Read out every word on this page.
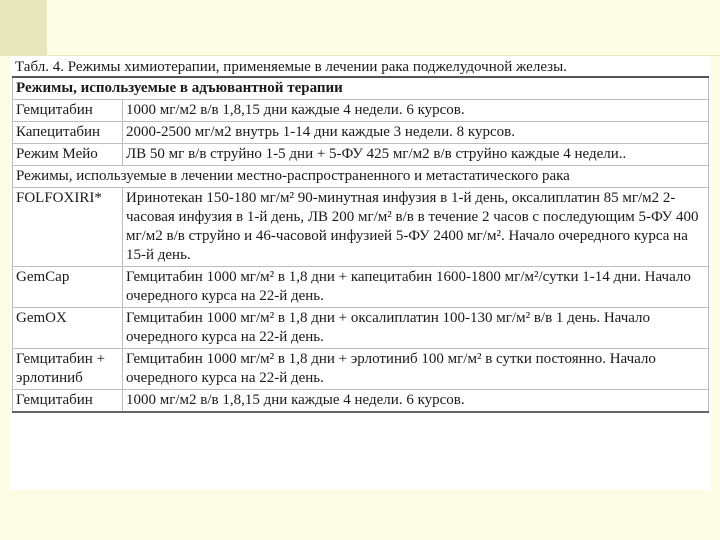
Табл. 4. Режимы химиотерапии, применяемые в лечении рака поджелудочной железы.
Режимы, используемые в адъювантной терапии	
Гемцитабин	1000 мг/м2 в/в 1,8,15 дни каждые 4 недели. 6 курсов.
Капецитабин	2000-2500 мг/м2 внутрь 1-14 дни каждые 3 недели. 8 курсов.
Режим Мейо	ЛВ 50 мг в/в струйно 1-5 дни + 5-ФУ 425 мг/м2 в/в струйно каждые 4 недели..
Режимы, используемые в лечении местно-распространенного и метастатического рака	
FOLFOXIRI*	Иринотекан 150-180 мг/м² 90-минутная инфузия в 1-й день, оксалиплатин 85 мг/м2 2-часовая инфузия в 1-й день, ЛВ 200 мг/м² в/в в течение 2 часов с последующим 5-ФУ 400 мг/м2 в/в струйно и 46-часовой инфузией 5-ФУ 2400 мг/м². Начало очередного курса на 15-й день.
GemCap	Гемцитабин 1000 мг/м² в 1,8 дни + капецитабин 1600-1800 мг/м²/сутки 1-14 дни. Начало очередного курса на 22-й день.
GemOX	Гемцитабин 1000 мг/м² в 1,8 дни + оксалиплатин 100-130 мг/м² в/в 1 день. Начало очередного курса на 22-й день.
Гемцитабин + эрлотиниб	Гемцитабин 1000 мг/м² в 1,8 дни + эрлотиниб 100 мг/м² в сутки постоянно. Начало очередного курса на 22-й день.
Гемцитабин	1000 мг/м2 в/в 1,8,15 дни каждые 4 недели. 6 курсов.
